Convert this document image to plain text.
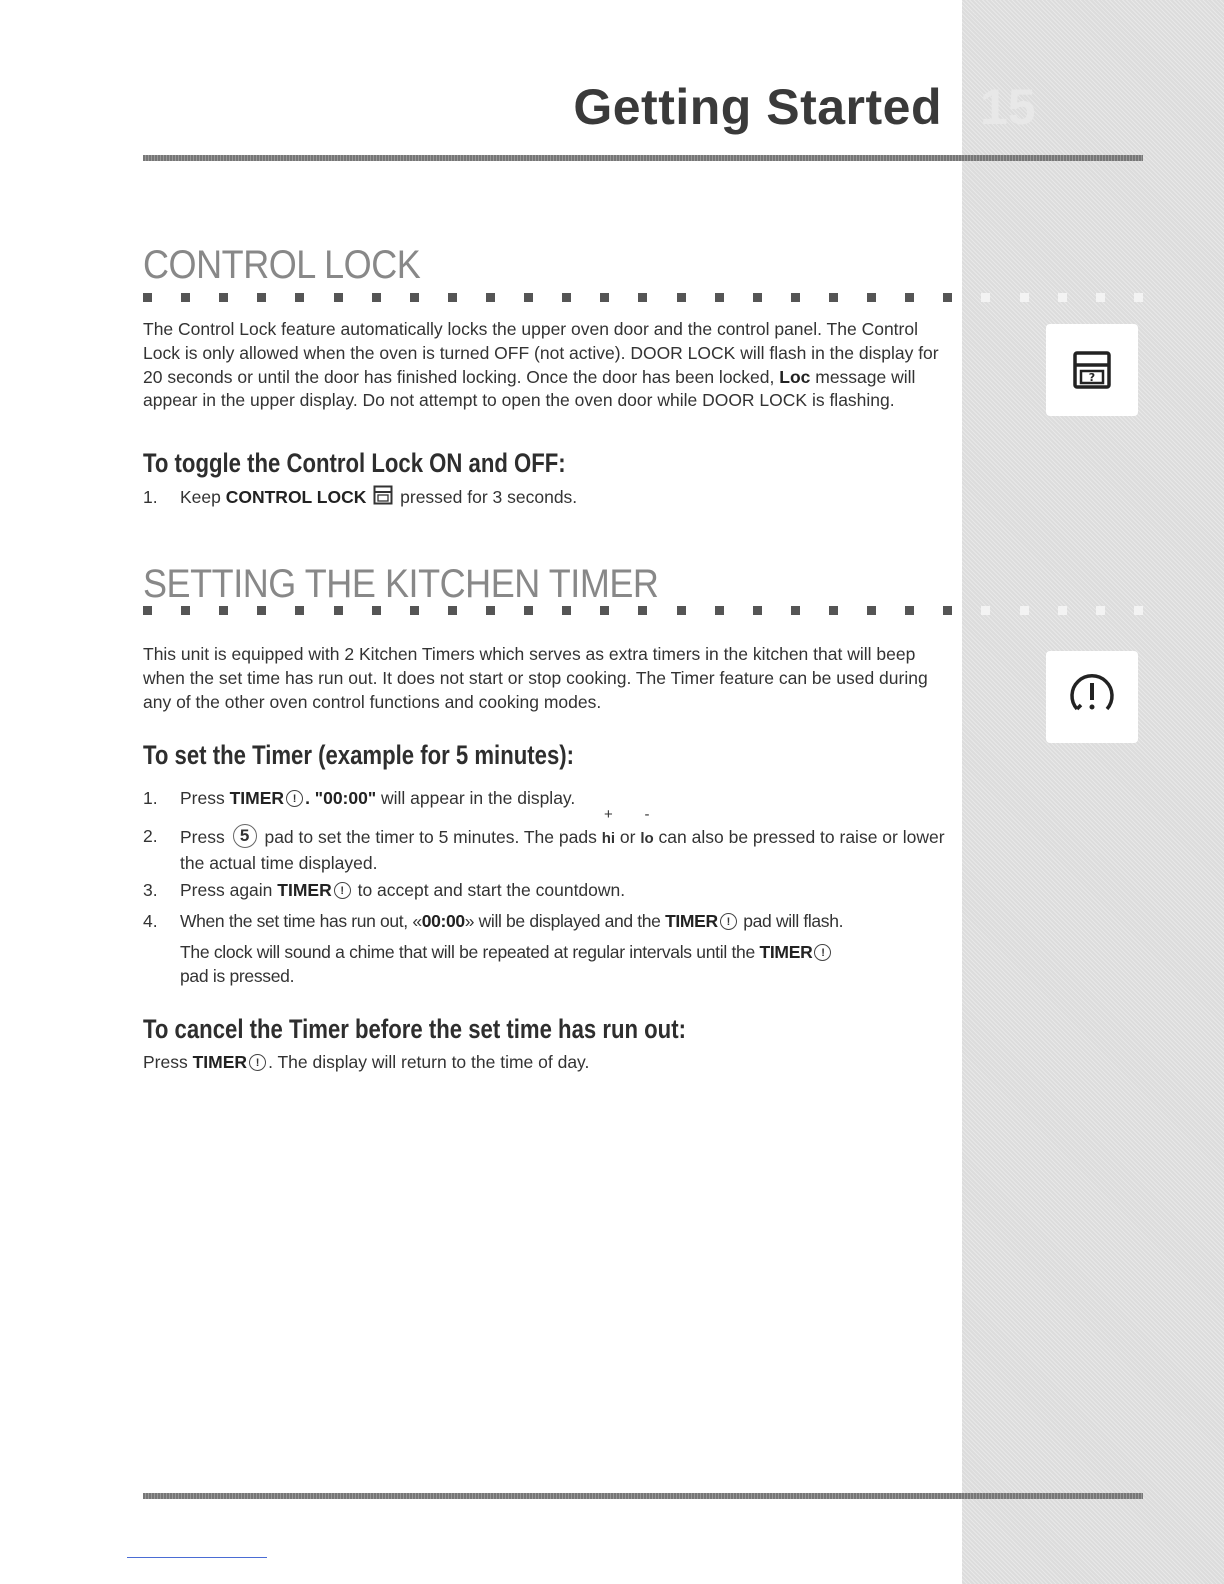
Getting Started 15
CONTROL LOCK

The Control Lock feature automatically locks the upper oven door and the control panel. The Control Lock is only allowed when the oven is turned OFF (not active). DOOR LOCK will flash in the display for 20 seconds or until the door has finished locking. Once the door has been locked, Loc message will appear in the upper display. Do not attempt to open the oven door while DOOR LOCK is flashing.

?
To toggle the Control Lock ON and OFF:
1.	Keep CONTROL LOCK  pressed for 3 seconds.
SETTING THE KITCHEN TIMER

This unit is equipped with 2 Kitchen Timers which serves as extra timers in the kitchen that will beep when the set time has run out. It does not start or stop cooking. The Timer feature can be used during any of the other oven control functions and cooking modes.

To set the Timer (example for 5 minutes):
1.	Press TIMER ! . "00:00" will appear in the display.
2.	Press 5 pad to set the timer to 5 minutes. The pads
+
hi or
-
lo can also be pressed to raise or lower the actual time displayed.
3.	Press again TIMER ! to accept and start the countdown.
4.	When the set time has run out, «00:00» will be displayed and the TIMER ! pad will flash.
The clock will sound a chime that will be repeated at regular intervals until the TIMER !
pad is pressed.
To cancel the Timer before the set time has run out:
Press TIMER ! . The display will return to the time of day.
